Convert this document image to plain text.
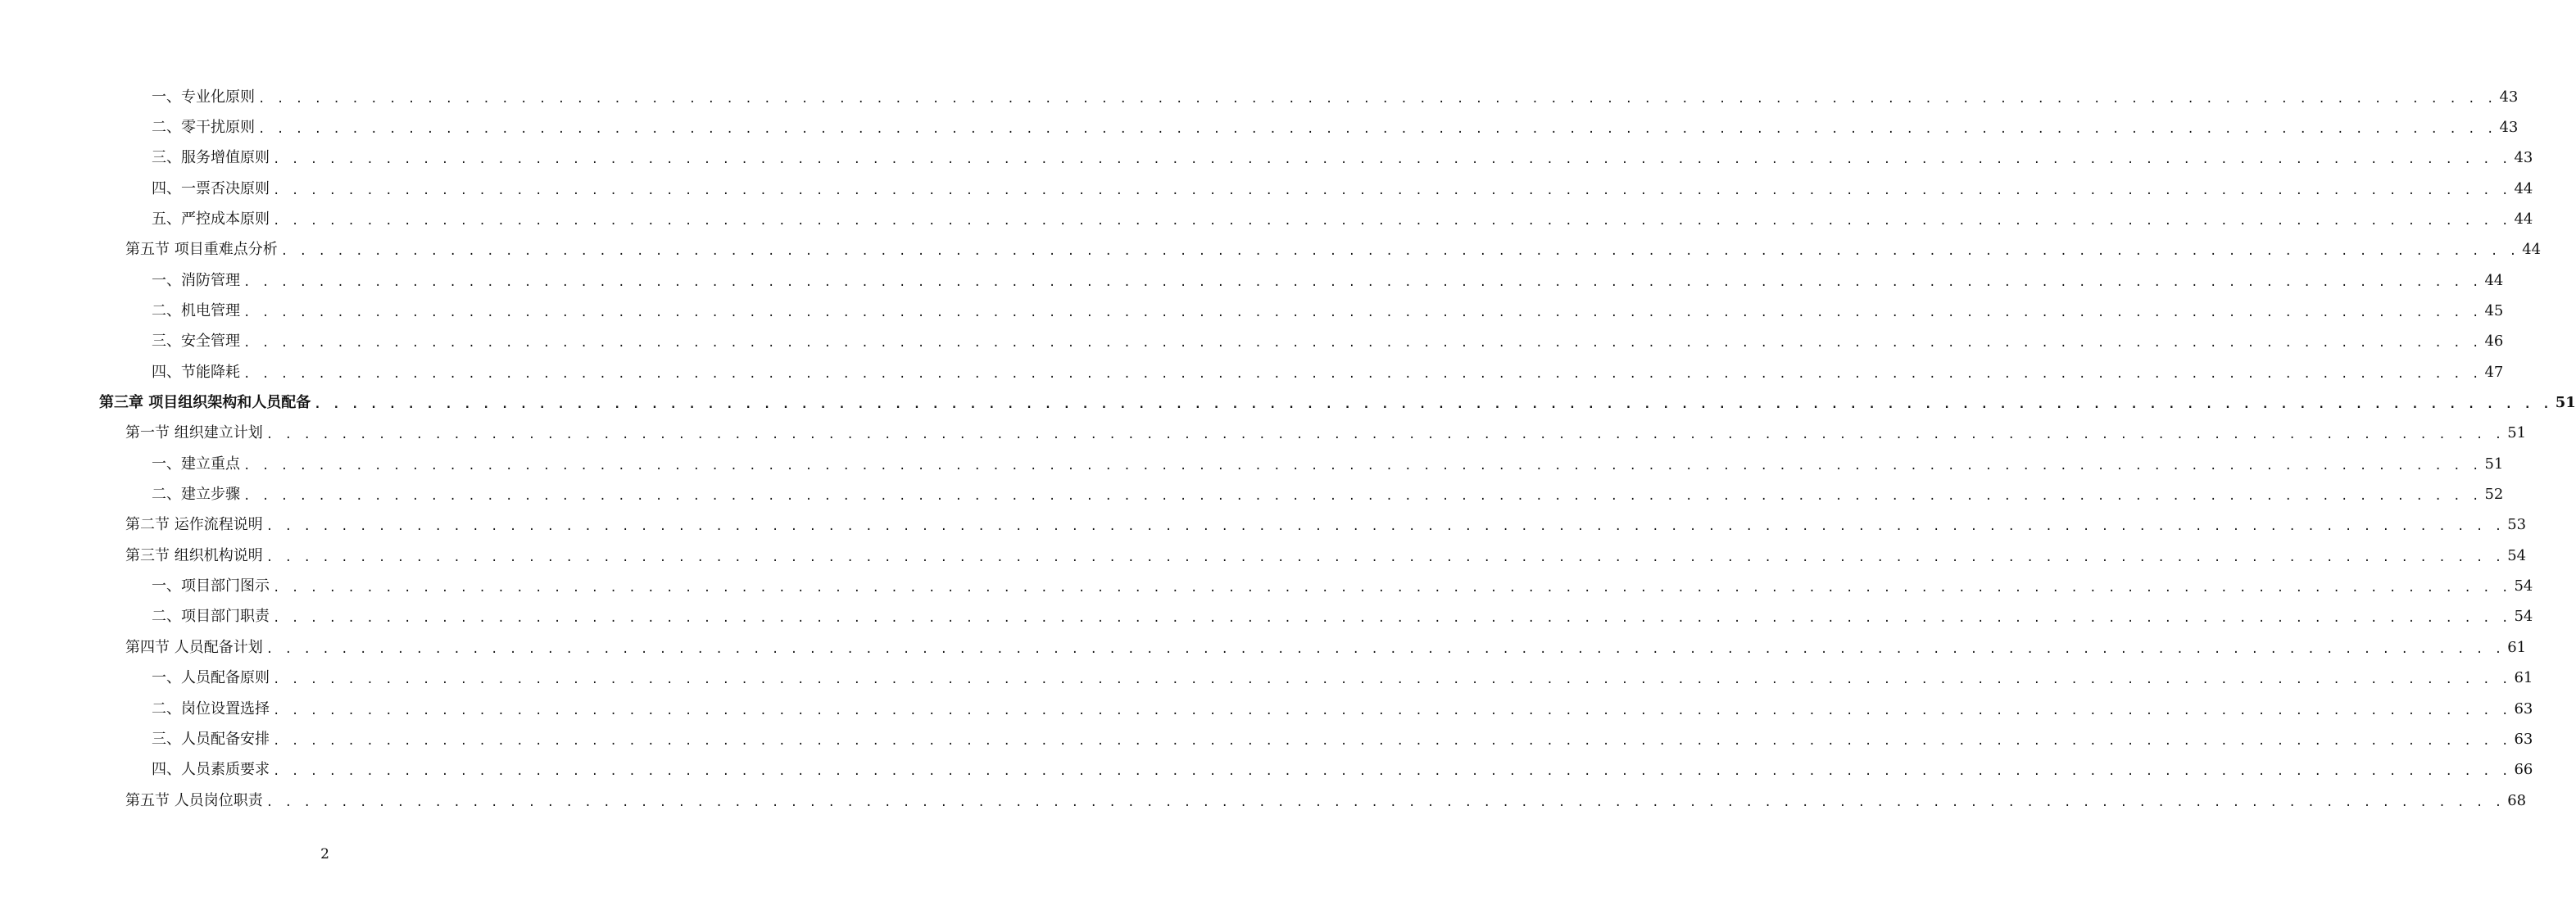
一、专业化原则 . . . . . . . . . . . . . . . . . . . . . . . . . . . . . . . . . . . . . . . . . . . . . . . . . . . . . . . . . . . . . . . . . . . . . . . . . . . . . . . . . . . . . . . . . . . . . . . . . . . . . . . . . . . . . . . . . . . . . . . . 43
二、零干扰原则 . . . . . . . . . . . . . . . . . . . . . . . . . . . . . . . . . . . . . . . . . . . . . . . . . . . . . . . . . . . . . . . . . . . . . . . . . . . . . . . . . . . . . . . . . . . . . . . . . . . . . . . . . . . . . . . . . . . . . . . . 43
三、服务增值原则 . . . . . . . . . . . . . . . . . . . . . . . . . . . . . . . . . . . . . . . . . . . . . . . . . . . . . . . . . . . . . . . . . . . . . . . . . . . . . . . . . . . . . . . . . . . . . . . . . . . . . . . . . . . . . . . . . . . . . . . . 43
四、一票否决原则 . . . . . . . . . . . . . . . . . . . . . . . . . . . . . . . . . . . . . . . . . . . . . . . . . . . . . . . . . . . . . . . . . . . . . . . . . . . . . . . . . . . . . . . . . . . . . . . . . . . . . . . . . . . . . . . . . . . . . . . . 44
五、严控成本原则 . . . . . . . . . . . . . . . . . . . . . . . . . . . . . . . . . . . . . . . . . . . . . . . . . . . . . . . . . . . . . . . . . . . . . . . . . . . . . . . . . . . . . . . . . . . . . . . . . . . . . . . . . . . . . . . . . . . . . . . . 44
第五节 项目重难点分析 . . . . . . . . . . . . . . . . . . . . . . . . . . . . . . . . . . . . . . . . . . . . . . . . . . . . . . . . . . . . . . . . . . . . . . . . . . . . . . . . . . . . . . . . . . . . . . . . . . . . . . . . . . . . . . . . . . . . . . . . 44
一、消防管理 . . . . . . . . . . . . . . . . . . . . . . . . . . . . . . . . . . . . . . . . . . . . . . . . . . . . . . . . . . . . . . . . . . . . . . . . . . . . . . . . . . . . . . . . . . . . . . . . . . . . . . . . . . . . . . . . . . . . . . . . 44
二、机电管理 . . . . . . . . . . . . . . . . . . . . . . . . . . . . . . . . . . . . . . . . . . . . . . . . . . . . . . . . . . . . . . . . . . . . . . . . . . . . . . . . . . . . . . . . . . . . . . . . . . . . . . . . . . . . . . . . . . . . . . . . 45
三、安全管理 . . . . . . . . . . . . . . . . . . . . . . . . . . . . . . . . . . . . . . . . . . . . . . . . . . . . . . . . . . . . . . . . . . . . . . . . . . . . . . . . . . . . . . . . . . . . . . . . . . . . . . . . . . . . . . . . . . . . . . . . 46
四、节能降耗 . . . . . . . . . . . . . . . . . . . . . . . . . . . . . . . . . . . . . . . . . . . . . . . . . . . . . . . . . . . . . . . . . . . . . . . . . . . . . . . . . . . . . . . . . . . . . . . . . . . . . . . . . . . . . . . . . . . . . . . . 47
第三章 项目组织架构和人员配备 . . . . . . . . . . . . . . . . . . . . . . . . . . . . . . . . . . . . . . . . . . . . . . . . . . . . . . . . . . . . . . . . . . . . . . . . . . . . . . . . . . . . . . . . . . . . . . . . . . . . . . . . . . . . . . . . . . . . . . . . 51
第一节 组织建立计划 . . . . . . . . . . . . . . . . . . . . . . . . . . . . . . . . . . . . . . . . . . . . . . . . . . . . . . . . . . . . . . . . . . . . . . . . . . . . . . . . . . . . . . . . . . . . . . . . . . . . . . . . . . . . . . . . . . . . . . . . 51
一、建立重点 . . . . . . . . . . . . . . . . . . . . . . . . . . . . . . . . . . . . . . . . . . . . . . . . . . . . . . . . . . . . . . . . . . . . . . . . . . . . . . . . . . . . . . . . . . . . . . . . . . . . . . . . . . . . . . . . . . . . . . . . 51
二、建立步骤 . . . . . . . . . . . . . . . . . . . . . . . . . . . . . . . . . . . . . . . . . . . . . . . . . . . . . . . . . . . . . . . . . . . . . . . . . . . . . . . . . . . . . . . . . . . . . . . . . . . . . . . . . . . . . . . . . . . . . . . . 52
第二节 运作流程说明 . . . . . . . . . . . . . . . . . . . . . . . . . . . . . . . . . . . . . . . . . . . . . . . . . . . . . . . . . . . . . . . . . . . . . . . . . . . . . . . . . . . . . . . . . . . . . . . . . . . . . . . . . . . . . . . . . . . . . . . . 53
第三节 组织机构说明 . . . . . . . . . . . . . . . . . . . . . . . . . . . . . . . . . . . . . . . . . . . . . . . . . . . . . . . . . . . . . . . . . . . . . . . . . . . . . . . . . . . . . . . . . . . . . . . . . . . . . . . . . . . . . . . . . . . . . . . . 54
一、项目部门图示 . . . . . . . . . . . . . . . . . . . . . . . . . . . . . . . . . . . . . . . . . . . . . . . . . . . . . . . . . . . . . . . . . . . . . . . . . . . . . . . . . . . . . . . . . . . . . . . . . . . . . . . . . . . . . . . . . . . . . . . . 54
二、项目部门职责 . . . . . . . . . . . . . . . . . . . . . . . . . . . . . . . . . . . . . . . . . . . . . . . . . . . . . . . . . . . . . . . . . . . . . . . . . . . . . . . . . . . . . . . . . . . . . . . . . . . . . . . . . . . . . . . . . . . . . . . . 54
第四节 人员配备计划 . . . . . . . . . . . . . . . . . . . . . . . . . . . . . . . . . . . . . . . . . . . . . . . . . . . . . . . . . . . . . . . . . . . . . . . . . . . . . . . . . . . . . . . . . . . . . . . . . . . . . . . . . . . . . . . . . . . . . . . . 61
一、人员配备原则 . . . . . . . . . . . . . . . . . . . . . . . . . . . . . . . . . . . . . . . . . . . . . . . . . . . . . . . . . . . . . . . . . . . . . . . . . . . . . . . . . . . . . . . . . . . . . . . . . . . . . . . . . . . . . . . . . . . . . . . . 61
二、岗位设置选择 . . . . . . . . . . . . . . . . . . . . . . . . . . . . . . . . . . . . . . . . . . . . . . . . . . . . . . . . . . . . . . . . . . . . . . . . . . . . . . . . . . . . . . . . . . . . . . . . . . . . . . . . . . . . . . . . . . . . . . . . 63
三、人员配备安排 . . . . . . . . . . . . . . . . . . . . . . . . . . . . . . . . . . . . . . . . . . . . . . . . . . . . . . . . . . . . . . . . . . . . . . . . . . . . . . . . . . . . . . . . . . . . . . . . . . . . . . . . . . . . . . . . . . . . . . . . 63
四、人员素质要求 . . . . . . . . . . . . . . . . . . . . . . . . . . . . . . . . . . . . . . . . . . . . . . . . . . . . . . . . . . . . . . . . . . . . . . . . . . . . . . . . . . . . . . . . . . . . . . . . . . . . . . . . . . . . . . . . . . . . . . . . 66
第五节 人员岗位职责 . . . . . . . . . . . . . . . . . . . . . . . . . . . . . . . . . . . . . . . . . . . . . . . . . . . . . . . . . . . . . . . . . . . . . . . . . . . . . . . . . . . . . . . . . . . . . . . . . . . . . . . . . . . . . . . . . . . . . . . . 68
2
